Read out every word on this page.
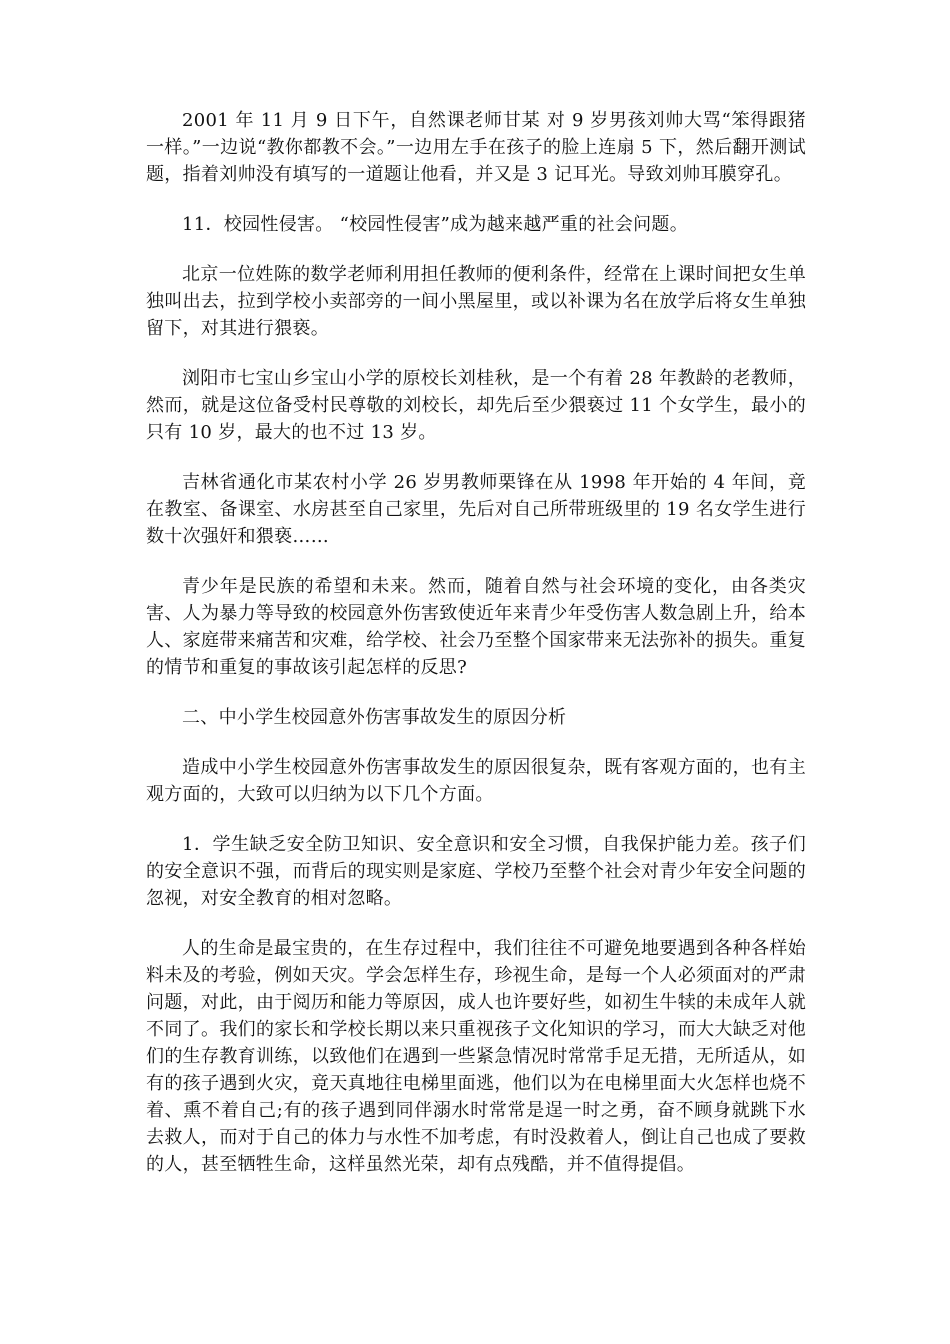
2001 年 11 月 9 日下午，自然课老师甘某 对 9 岁男孩刘帅大骂“笨得跟猪一样。”一边说“教你都教不会。”一边用左手在孩子的脸上连扇 5 下，然后翻开测试题，指着刘帅没有填写的一道题让他看，并又是 3 记耳光。导致刘帅耳膜穿孔。

11．校园性侵害。 “校园性侵害”成为越来越严重的社会问题。

北京一位姓陈的数学老师利用担任教师的便利条件，经常在上课时间把女生单独叫出去，拉到学校小卖部旁的一间小黑屋里，或以补课为名在放学后将女生单独留下，对其进行猥亵。

浏阳市七宝山乡宝山小学的原校长刘桂秋，是一个有着 28 年教龄的老教师，然而，就是这位备受村民尊敬的刘校长，却先后至少猥亵过 11 个女学生，最小的只有 10 岁，最大的也不过 13 岁。

吉林省通化市某农村小学 26 岁男教师栗锋在从 1998 年开始的 4 年间，竟在教室、备课室、水房甚至自己家里，先后对自己所带班级里的 19 名女学生进行数十次强奸和猥亵……

青少年是民族的希望和未来。然而，随着自然与社会环境的变化，由各类灾害、人为暴力等导致的校园意外伤害致使近年来青少年受伤害人数急剧上升，给本人、家庭带来痛苦和灾难，给学校、社会乃至整个国家带来无法弥补的损失。重复的情节和重复的事故该引起怎样的反思?

二、中小学生校园意外伤害事故发生的原因分析

造成中小学生校园意外伤害事故发生的原因很复杂，既有客观方面的，也有主观方面的，大致可以归纳为以下几个方面。

1．学生缺乏安全防卫知识、安全意识和安全习惯，自我保护能力差。孩子们的安全意识不强，而背后的现实则是家庭、学校乃至整个社会对青少年安全问题的忽视，对安全教育的相对忽略。

人的生命是最宝贵的，在生存过程中，我们往往不可避免地要遇到各种各样始料未及的考验，例如天灾。学会怎样生存，珍视生命，是每一个人必须面对的严肃问题，对此，由于阅历和能力等原因，成人也许要好些，如初生牛犊的未成年人就不同了。我们的家长和学校长期以来只重视孩子文化知识的学习，而大大缺乏对他们的生存教育训练，以致他们在遇到一些紧急情况时常常手足无措，无所适从，如有的孩子遇到火灾，竟天真地往电梯里面逃，他们以为在电梯里面大火怎样也烧不着、熏不着自己;有的孩子遇到同伴溺水时常常是逞一时之勇，奋不顾身就跳下水去救人，而对于自己的体力与水性不加考虑，有时没救着人，倒让自己也成了要救的人，甚至牺牲生命，这样虽然光荣，却有点残酷，并不值得提倡。
